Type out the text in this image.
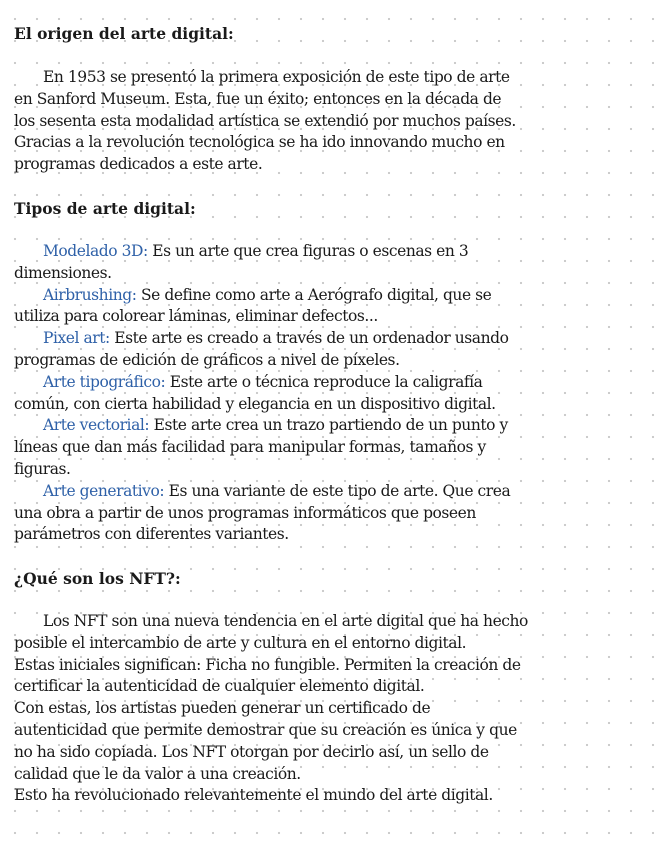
El origen del arte digital:
En 1953 se presentó la primera exposición de este tipo de arte
en Sanford Museum. Esta, fue un éxito; entonces en la década de
los sesenta esta modalidad artística se extendió por muchos países.
Gracias a la revolución tecnológica se ha ido innovando mucho en
programas dedicados a este arte.
Tipos de arte digital:
Modelado 3D: Es un arte que crea figuras o escenas en 3
dimensiones.
Airbrushing: Se define como arte a Aerógrafo digital, que se
utiliza para colorear láminas, eliminar defectos...
Pixel art: Este arte es creado a través de un ordenador usando
programas de edición de gráficos a nivel de píxeles.
Arte tipográfico: Este arte o técnica reproduce la caligrafía
común, con cierta habilidad y elegancia en un dispositivo digital.
Arte vectorial: Este arte crea un trazo partiendo de un punto y
líneas que dan más facilidad para manipular formas, tamaños y
figuras.
Arte generativo: Es una variante de este tipo de arte. Que crea
una obra a partir de unos programas informáticos que poseen
parámetros con diferentes variantes.
¿Qué son los NFT?:
Los NFT son una nueva tendencia en el arte digital que ha hecho
posible el intercambio de arte y cultura en el entorno digital.
Estas iniciales significan: Ficha no fungible. Permiten la creación de
certificar la autenticidad de cualquier elemento digital.
Con estas, los artistas pueden generar un certificado de
autenticidad que permite demostrar que su creación es única y que
no ha sido copiada. Los NFT otorgan por decirlo así, un sello de
calidad que le da valor a una creación.
Esto ha revolucionado relevantemente el mundo del arte digital.
